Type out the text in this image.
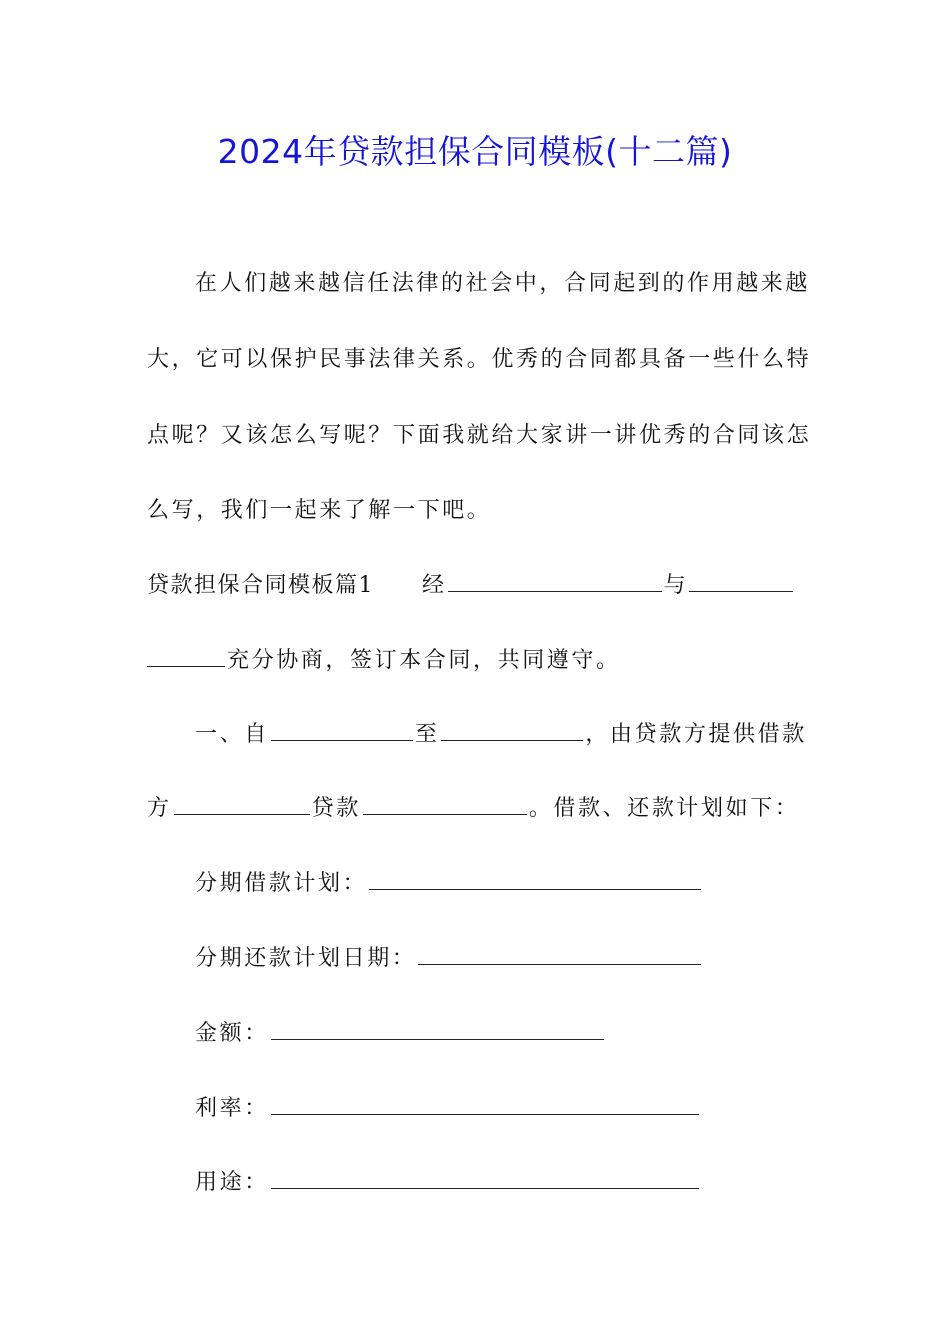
2024年贷款担保合同模板(十二篇)
在人们越来越信任法律的社会中，合同起到的作用越来越
大，它可以保护民事法律关系。优秀的合同都具备一些什么特
点呢？又该怎么写呢？下面我就给大家讲一讲优秀的合同该怎
么写，我们一起来了解一下吧。
贷款担保合同模板篇1 经	与
充分协商，签订本合同，共同遵守。
一、自	至	，由贷款方提供借款
方	贷款	。借款、还款计划如下：
分期借款计划：
分期还款计划日期：
金额：
利率：
用途：
